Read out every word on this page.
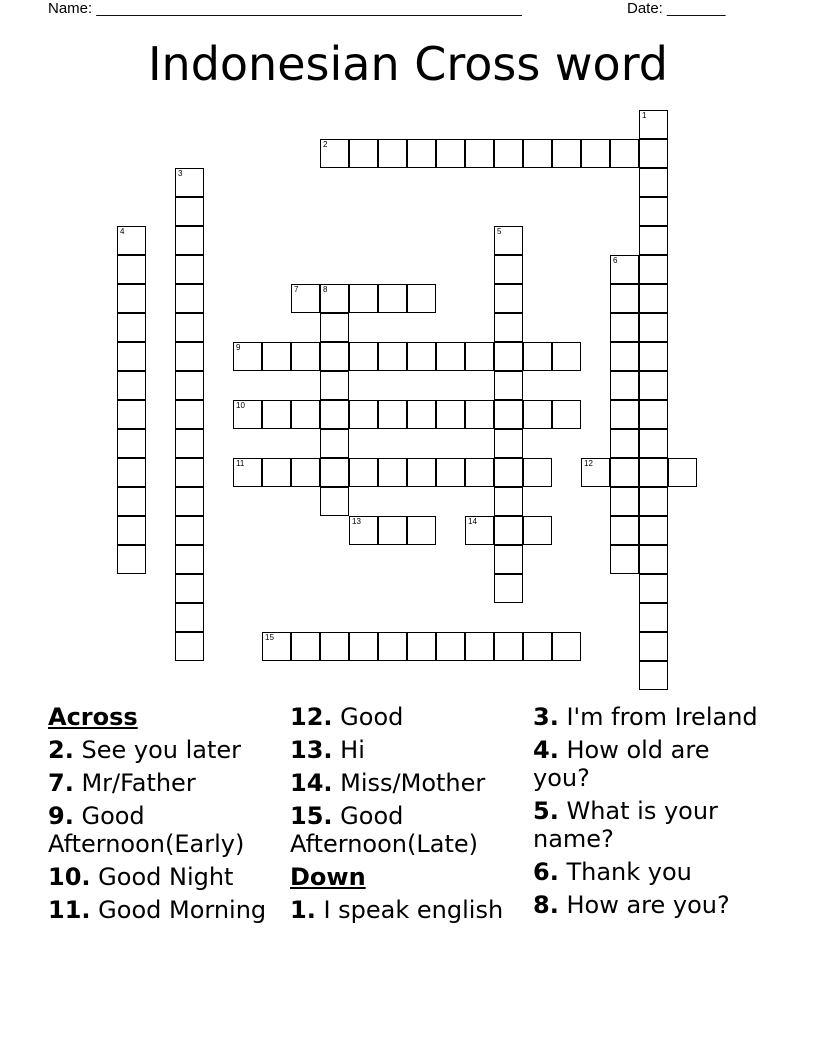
Name: ___________________________________________________	Date: _______
Indonesian Cross word
1
2
3
4	5
6
7	8
9
10
11	12
13	14
15
Across
2. See you later
7. Mr/Father
9. Good Afternoon(Early)
10. Good Night
11. Good Morning
12. Good
13. Hi
14. Miss/Mother
15. Good Afternoon(Late)
Down
1. I speak english
3. I'm from Ireland
4. How old are you?
5. What is your name?
6. Thank you
8. How are you?
